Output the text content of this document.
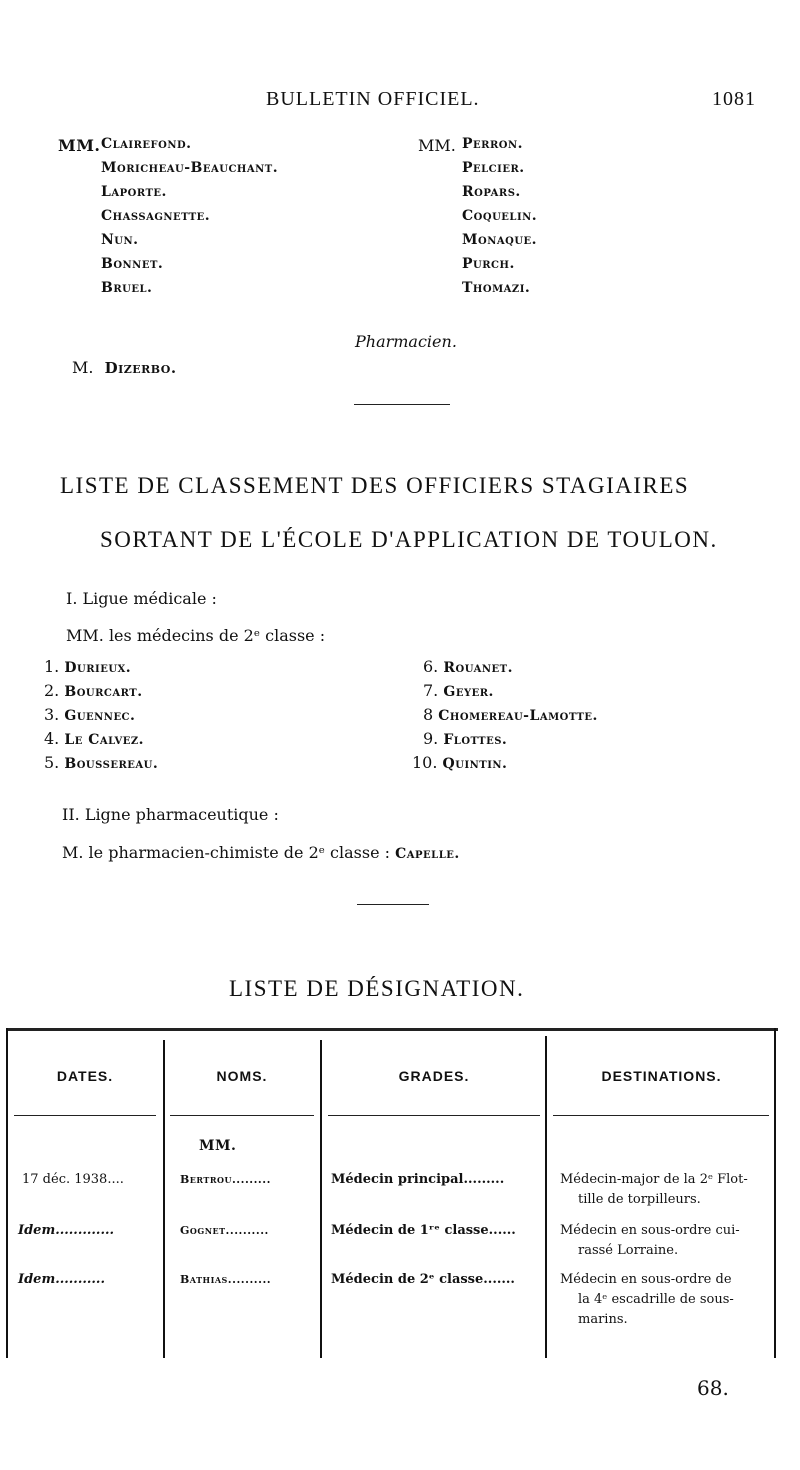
BULLETIN OFFICIEL.	1081
MM. Clairefond.
Moricheau-Beauchant.
Laporte.
Chassagnette.
Nun.
Bonnet.
Bruel.
MM. Perron.
Pelcier.
Ropars.
Coquelin.
Monaque.
Purch.
Thomazi.
Pharmacien.
M. Dizerbo.
LISTE DE CLASSEMENT DES OFFICIERS STAGIAIRES
SORTANT DE L'ÉCOLE D'APPLICATION DE TOULON.
I. Ligue médicale :
MM. les médecins de 2ᵉ classe :
1. Durieux.
2. Bourcart.
3. Guennec.
4. Le Calvez.
5. Boussereau.
6. Rouanet.
7. Geyer.
8 Chomereau-Lamotte.
9. Flottes.
10. Quintin.
II. Ligne pharmaceutique :
M. le pharmacien-chimiste de 2ᵉ classe : Capelle.
LISTE DE DÉSIGNATION.
DATES.	NOMS.	GRADES.	DESTINATIONS.
MM.
17 déc. 1938....	Bertrou.........	Médecin principal.........	Médecin-major de la 2ᵉ Flot-
tille de torpilleurs.
Idem.............	Gognet..........	Médecin de 1ʳᵉ classe......	Médecin en sous-ordre cui-
rassé Lorraine.
Idem...........	Bathias..........	Médecin de 2ᵉ classe.......	Médecin en sous-ordre de
la 4ᵉ escadrille de sous-
marins.
68.
